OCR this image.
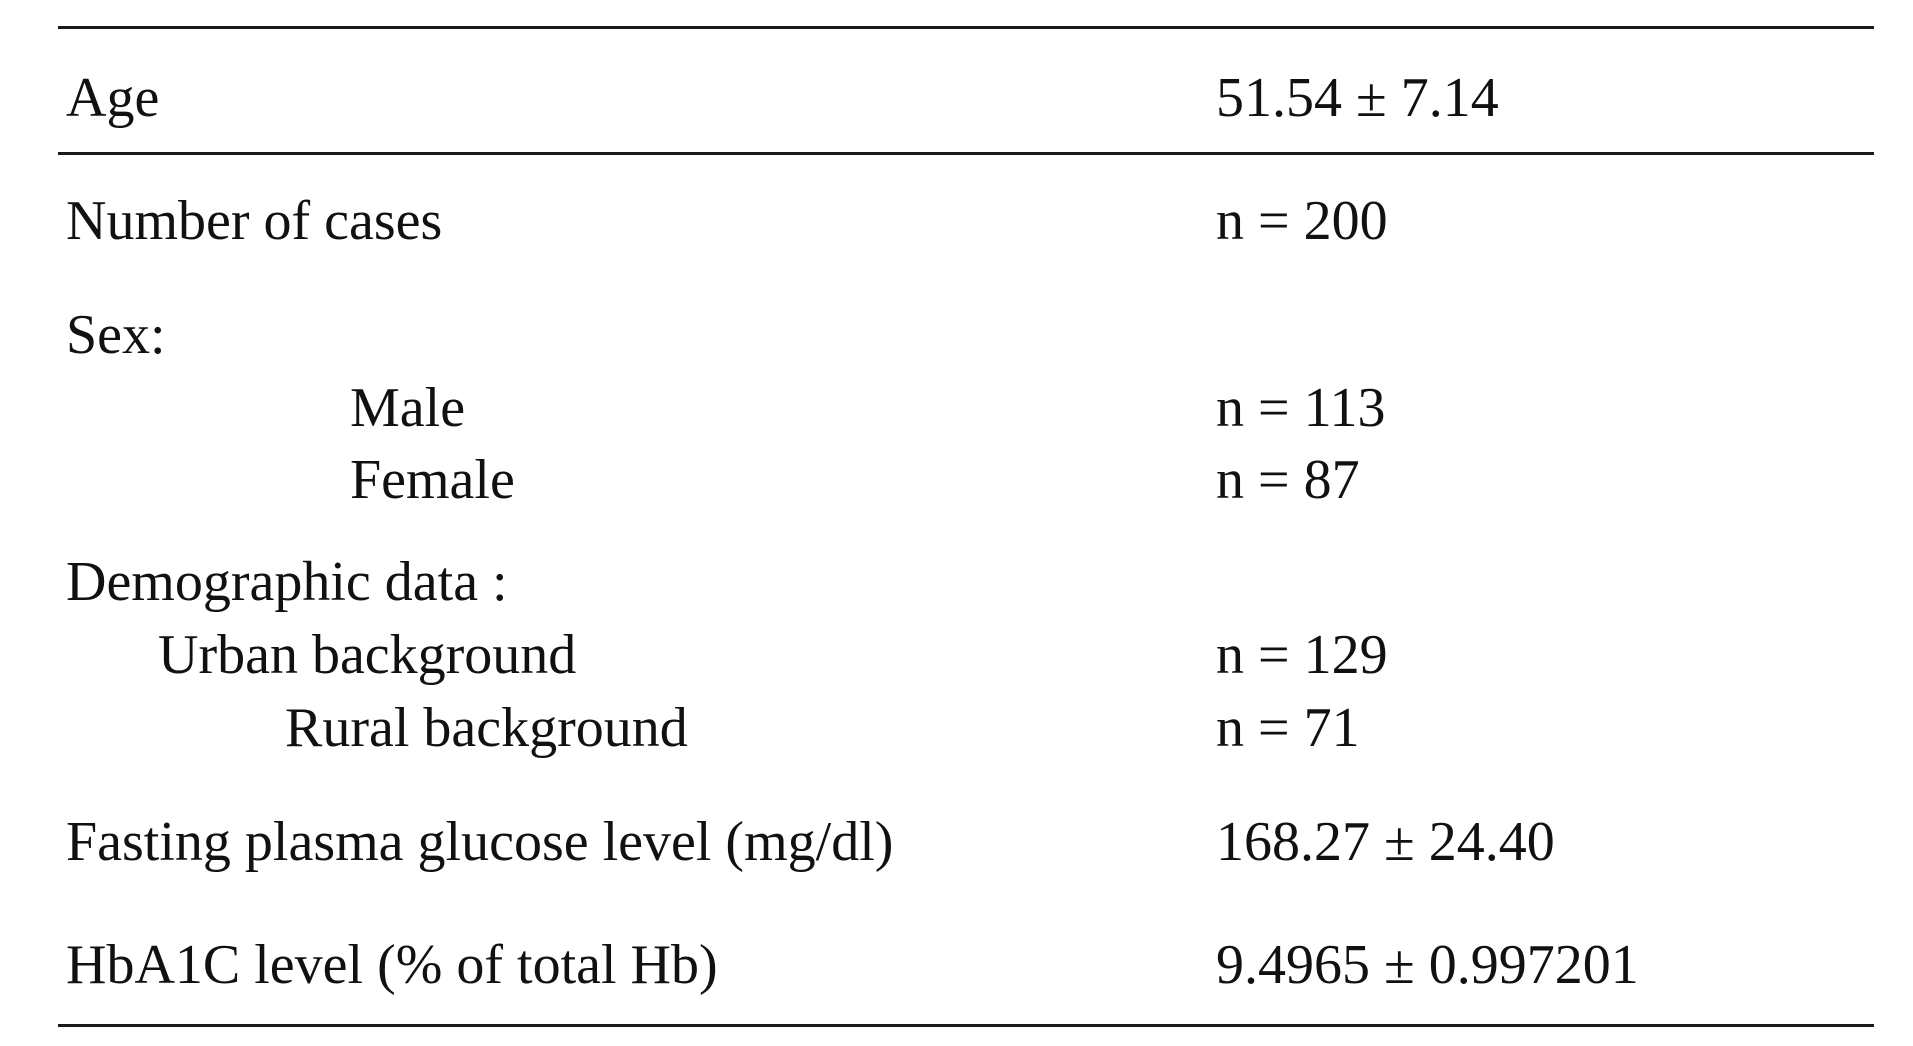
Age	51.54 ± 7.14
Number of cases	n = 200
Sex:
Male	n = 113
Female	n = 87
Demographic data :
Urban background	n = 129
Rural background	n = 71
Fasting plasma glucose level (mg/dl)	168.27 ± 24.40
HbA1C level (% of total Hb)	9.4965 ± 0.997201
